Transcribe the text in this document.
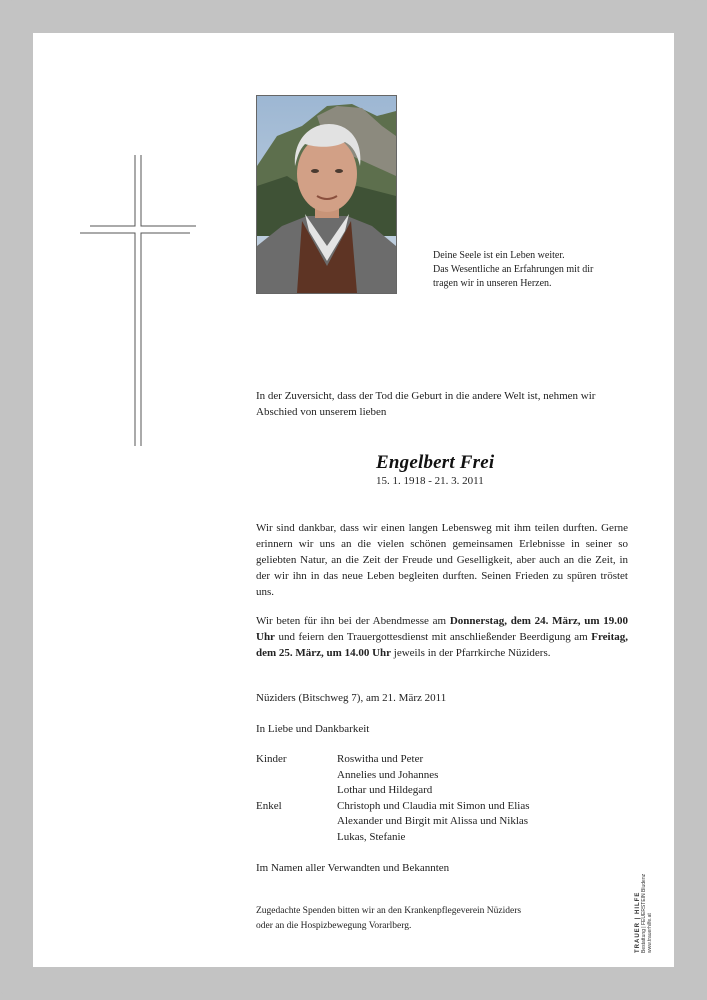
Deine Seele ist ein Leben weiter.
Das Wesentliche an Erfahrungen mit dir
tragen wir in unseren Herzen.
In der Zuversicht, dass der Tod die Geburt in die andere Welt ist, nehmen wir Abschied von unserem lieben
Engelbert Frei
15. 1. 1918 - 21. 3. 2011
Wir sind dankbar, dass wir einen langen Lebensweg mit ihm teilen durften. Gerne erinnern wir uns an die vielen schönen gemeinsamen Erlebnisse in seiner so geliebten Natur, an die Zeit der Freude und Geselligkeit, aber auch an die Zeit, in der wir ihn in das neue Leben begleiten durften. Seinen Frieden zu spüren tröstet uns.
Wir beten für ihn bei der Abendmesse am Donnerstag, dem 24. März, um 19.00 Uhr und feiern den Trauergottesdienst mit anschließender Beerdigung am Freitag, dem 25. März, um 14.00 Uhr jeweils in der Pfarrkirche Nüziders.
Nüziders (Bitschweg 7), am 21. März 2011
In Liebe und Dankbarkeit
Kinder	Roswitha und Peter
Annelies und Johannes
Lothar und Hildegard
Enkel	Christoph und Claudia mit Simon und Elias
Alexander und Birgit mit Alissa und Niklas
Lukas, Stefanie
Im Namen aller Verwandten und Bekannten
Zugedachte Spenden bitten wir an den Krankenpflegeverein Nüziders
oder an die Hospizbewegung Vorarlberg.	TRAUER | HILFE Bestattung | FEUERSTEIN Bludenz www.trauerhilfe.at
